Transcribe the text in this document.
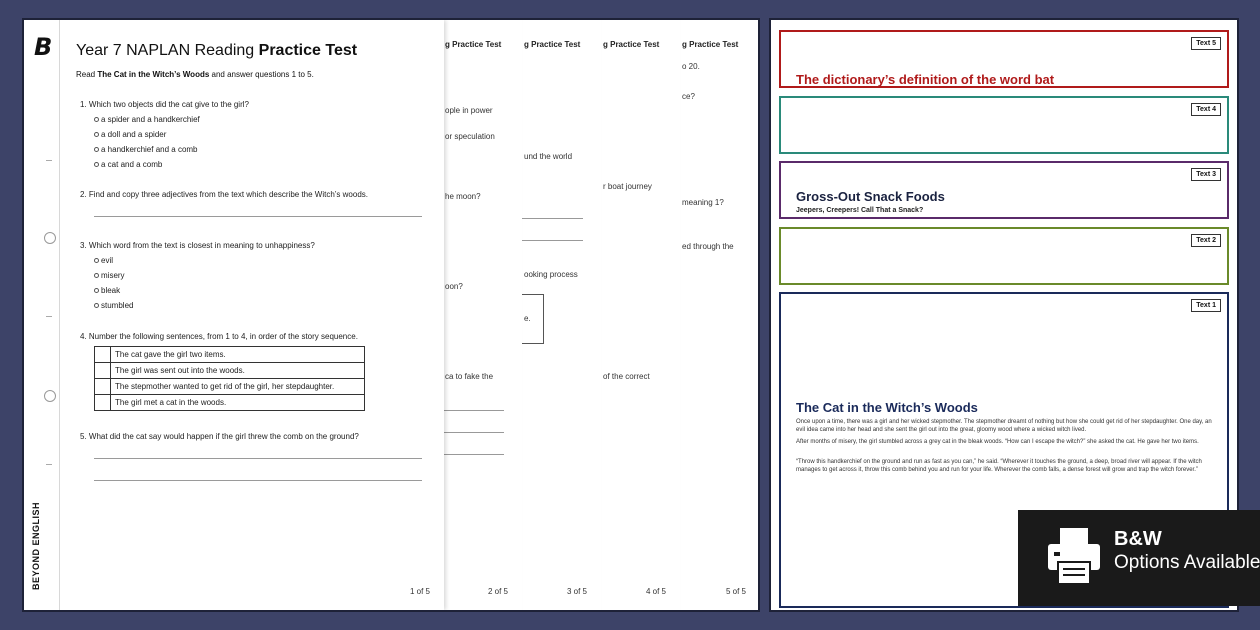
g Practice Test
o 20.
ce?
meaning 1?
ed through the
5 of 5
g Practice Test
r boat journey
of the correct
4 of 5
g Practice Test
und the world
ooking process
e.
3 of 5
g Practice Test
ople in power
or speculation
he moon?
oon?
ca to fake the
2 of 5
B
BEYOND ENGLISH
Year 7 NAPLAN Reading Practice Test
Read The Cat in the Witch’s Woods and answer questions 1 to 5.
1. Which two objects did the cat give to the girl?
a spider and a handkerchief
a doll and a spider
a handkerchief and a comb
a cat and a comb
2. Find and copy three adjectives from the text which describe the Witch’s woods.
3. Which word from the text is closest in meaning to unhappiness?
evil
misery
bleak
stumbled
4. Number the following sentences, from 1 to 4, in order of the story sequence.
	The cat gave the girl two items.
	The girl was sent out into the woods.
	The stepmother wanted to get rid of the girl, her stepdaughter.
	The girl met a cat in the woods.
5. What did the cat say would happen if the girl threw the comb on the ground?
1 of 5
Text 5
The dictionary’s definition of the word bat
Text 4
Text 3
Gross-Out Snack Foods
Jeepers, Creepers! Call That a Snack?
Text 2
Text 1
The Cat in the Witch’s Woods
Once upon a time, there was a girl and her wicked stepmother. The stepmother dreamt of nothing but how she could get rid of her stepdaughter. One day, an evil idea came into her head and she sent the girl out into the great, gloomy wood where a wicked witch lived.
After months of misery, the girl stumbled across a grey cat in the bleak woods. “How can I escape the witch?” she asked the cat. He gave her two items.
“Throw this handkerchief on the ground and run as fast as you can,” he said. “Wherever it touches the ground, a deep, broad river will appear. If the witch manages to get across it, throw this comb behind you and run for your life. Wherever the comb falls, a dense forest will grow and trap the witch forever.”
B&W
Options Available
